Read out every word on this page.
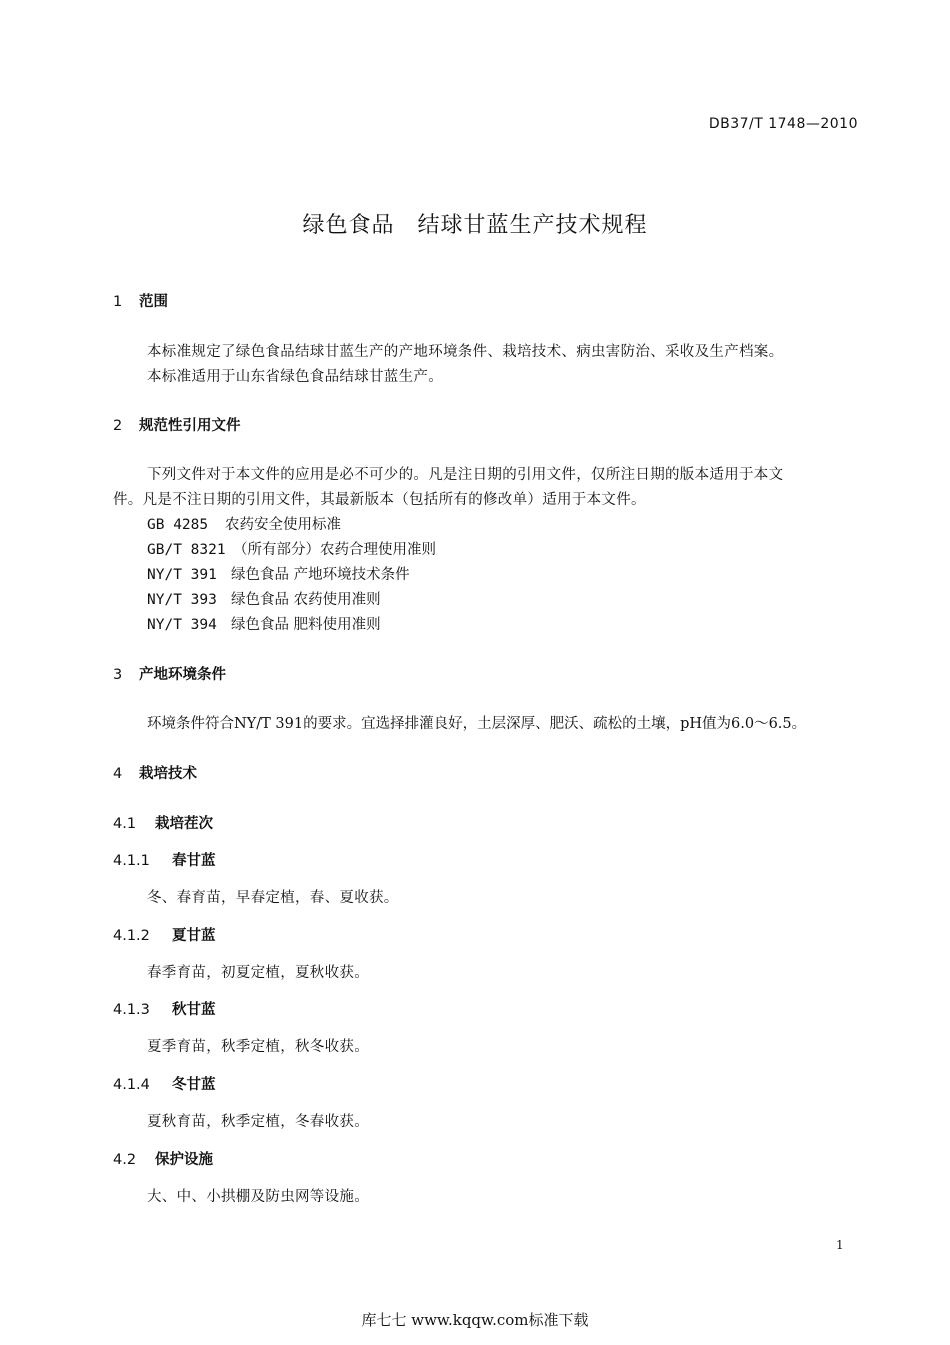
DB37/T 1748—2010
绿色食品　结球甘蓝生产技术规程
1 范围
本标准规定了绿色食品结球甘蓝生产的产地环境条件、栽培技术、病虫害防治、采收及生产档案。
本标准适用于山东省绿色食品结球甘蓝生产。
2 规范性引用文件
下列文件对于本文件的应用是必不可少的。凡是注日期的引用文件，仅所注日期的版本适用于本文
件。凡是不注日期的引用文件，其最新版本（包括所有的修改单）适用于本文件。
GB 4285 农药安全使用标准
GB/T 8321 （所有部分）农药合理使用准则
NY/T 391 绿色食品 产地环境技术条件
NY/T 393 绿色食品 农药使用准则
NY/T 394 绿色食品 肥料使用准则
3 产地环境条件
环境条件符合NY/T 391的要求。宜选择排灌良好，土层深厚、肥沃、疏松的土壤，pH值为6.0～6.5。
4 栽培技术
4.1 栽培茬次
4.1.1 春甘蓝
冬、春育苗，早春定植，春、夏收获。
4.1.2 夏甘蓝
春季育苗，初夏定植，夏秋收获。
4.1.3 秋甘蓝
夏季育苗，秋季定植，秋冬收获。
4.1.4 冬甘蓝
夏秋育苗，秋季定植，冬春收获。
4.2 保护设施
大、中、小拱棚及防虫网等设施。
1
库七七 www.kqqw.com标准下载
